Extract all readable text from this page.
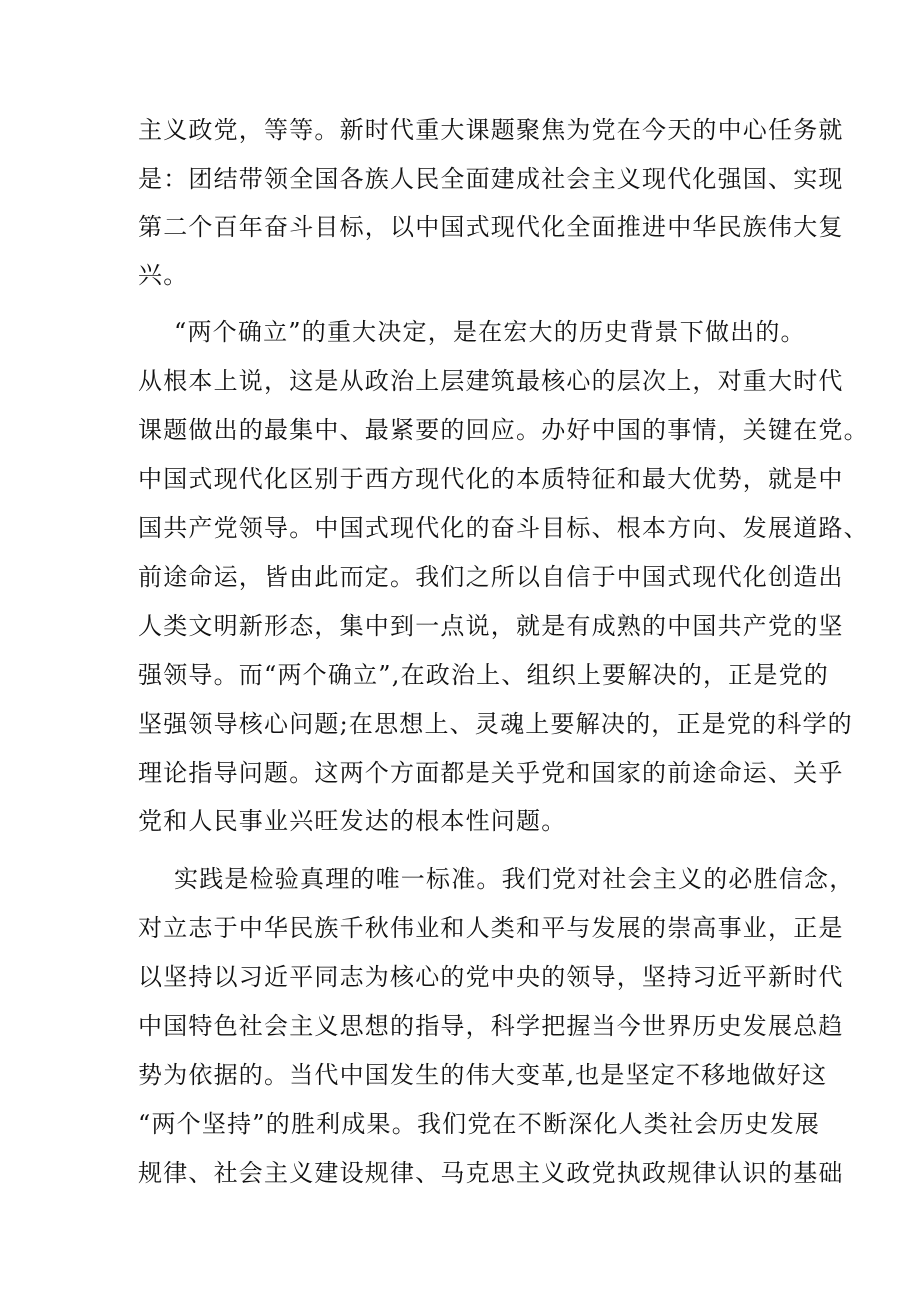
主义政党，等等。新时代重大课题聚焦为党在今天的中心任务就
是：团结带领全国各族人民全面建成社会主义现代化强国、实现
第二个百年奋斗目标，以中国式现代化全面推进中华民族伟大复
兴。
“两个确立”的重大决定，是在宏大的历史背景下做出的。
从根本上说，这是从政治上层建筑最核心的层次上，对重大时代
课题做出的最集中、最紧要的回应。办好中国的事情，关键在党。
中国式现代化区别于西方现代化的本质特征和最大优势，就是中
国共产党领导。中国式现代化的奋斗目标、根本方向、发展道路、
前途命运，皆由此而定。我们之所以自信于中国式现代化创造出
人类文明新形态，集中到一点说，就是有成熟的中国共产党的坚
强领导。而“两个确立”,在政治上、组织上要解决的，正是党的
坚强领导核心问题;在思想上、灵魂上要解决的，正是党的科学的
理论指导问题。这两个方面都是关乎党和国家的前途命运、关乎
党和人民事业兴旺发达的根本性问题。
实践是检验真理的唯一标准。我们党对社会主义的必胜信念，
对立志于中华民族千秋伟业和人类和平与发展的崇高事业，正是
以坚持以习近平同志为核心的党中央的领导，坚持习近平新时代
中国特色社会主义思想的指导，科学把握当今世界历史发展总趋
势为依据的。当代中国发生的伟大变革,也是坚定不移地做好这
“两个坚持”的胜利成果。我们党在不断深化人类社会历史发展
规律、社会主义建设规律、马克思主义政党执政规律认识的基础
